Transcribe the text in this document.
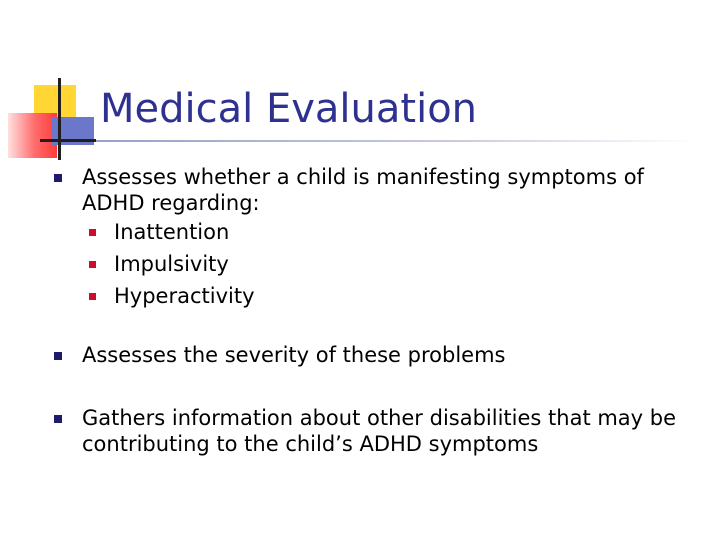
Medical Evaluation
Assesses whether a child is manifesting symptoms of ADHD regarding:
Inattention
Impulsivity
Hyperactivity
Assesses the severity of these problems
Gathers information about other disabilities that may be contributing to the child’s ADHD symptoms
